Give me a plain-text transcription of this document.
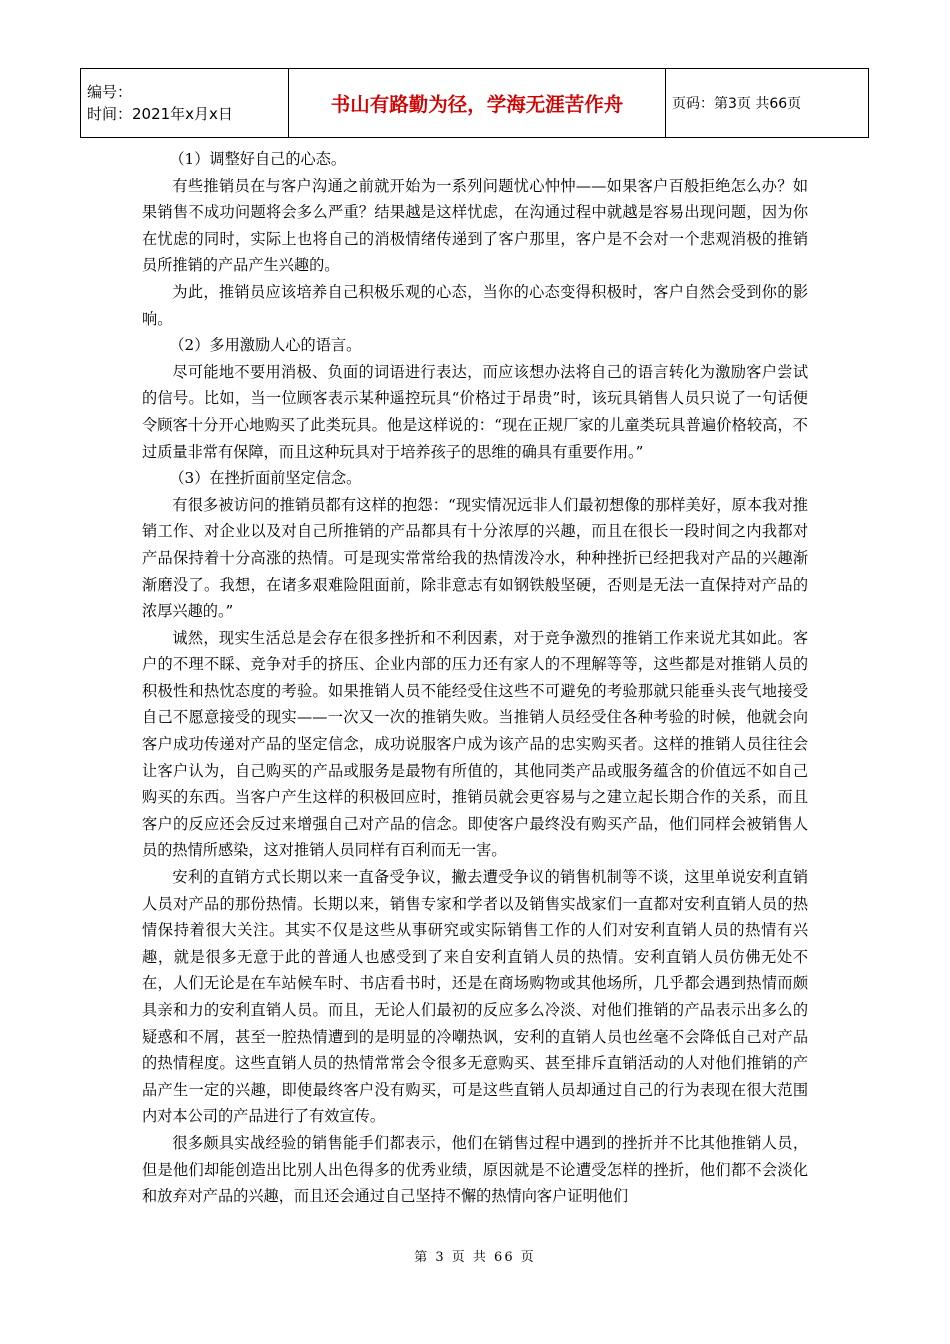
编号：
时间：2021年x月x日	书山有路勤为径，学海无涯苦作舟	页码：第3页 共66页

（1）调整好自己的心态。

有些推销员在与客户沟通之前就开始为一系列问题忧心忡忡——如果客户百般拒绝怎么办？如果销售不成功问题将会多么严重？结果越是这样忧虑，在沟通过程中就越是容易出现问题，因为你在忧虑的同时，实际上也将自己的消极情绪传递到了客户那里，客户是不会对一个悲观消极的推销员所推销的产品产生兴趣的。

为此，推销员应该培养自己积极乐观的心态，当你的心态变得积极时，客户自然会受到你的影响。

（2）多用激励人心的语言。

尽可能地不要用消极、负面的词语进行表达，而应该想办法将自己的语言转化为激励客户尝试的信号。比如，当一位顾客表示某种遥控玩具“价格过于昂贵”时，该玩具销售人员只说了一句话便令顾客十分开心地购买了此类玩具。他是这样说的：“现在正规厂家的儿童类玩具普遍价格较高，不过质量非常有保障，而且这种玩具对于培养孩子的思维的确具有重要作用。”

（3）在挫折面前坚定信念。

有很多被访问的推销员都有这样的抱怨：“现实情况远非人们最初想像的那样美好，原本我对推销工作、对企业以及对自己所推销的产品都具有十分浓厚的兴趣，而且在很长一段时间之内我都对产品保持着十分高涨的热情。可是现实常常给我的热情泼冷水，种种挫折已经把我对产品的兴趣渐渐磨没了。我想，在诸多艰难险阻面前，除非意志有如钢铁般坚硬，否则是无法一直保持对产品的浓厚兴趣的。”

诚然，现实生活总是会存在很多挫折和不利因素，对于竞争激烈的推销工作来说尤其如此。客户的不理不睬、竞争对手的挤压、企业内部的压力还有家人的不理解等等，这些都是对推销人员的积极性和热忱态度的考验。如果推销人员不能经受住这些不可避免的考验那就只能垂头丧气地接受自己不愿意接受的现实——一次又一次的推销失败。当推销人员经受住各种考验的时候，他就会向客户成功传递对产品的坚定信念，成功说服客户成为该产品的忠实购买者。这样的推销人员往往会让客户认为，自己购买的产品或服务是最物有所值的，其他同类产品或服务蕴含的价值远不如自己购买的东西。当客户产生这样的积极回应时，推销员就会更容易与之建立起长期合作的关系，而且客户的反应还会反过来增强自己对产品的信念。即使客户最终没有购买产品，他们同样会被销售人员的热情所感染，这对推销人员同样有百利而无一害。

安利的直销方式长期以来一直备受争议，撇去遭受争议的销售机制等不谈，这里单说安利直销人员对产品的那份热情。长期以来，销售专家和学者以及销售实战家们一直都对安利直销人员的热情保持着很大关注。其实不仅是这些从事研究或实际销售工作的人们对安利直销人员的热情有兴趣，就是很多无意于此的普通人也感受到了来自安利直销人员的热情。安利直销人员仿佛无处不在，人们无论是在车站候车时、书店看书时，还是在商场购物或其他场所，几乎都会遇到热情而颇具亲和力的安利直销人员。而且，无论人们最初的反应多么冷淡、对他们推销的产品表示出多么的疑惑和不屑，甚至一腔热情遭到的是明显的冷嘲热讽，安利的直销人员也丝毫不会降低自己对产品的热情程度。这些直销人员的热情常常会令很多无意购买、甚至排斥直销活动的人对他们推销的产品产生一定的兴趣，即使最终客户没有购买，可是这些直销人员却通过自己的行为表现在很大范围内对本公司的产品进行了有效宣传。

很多颇具实战经验的销售能手们都表示，他们在销售过程中遇到的挫折并不比其他推销人员，但是他们却能创造出比别人出色得多的优秀业绩，原因就是不论遭受怎样的挫折，他们都不会淡化和放弃对产品的兴趣，而且还会通过自己坚持不懈的热情向客户证明他们

第 3 页 共 66 页
